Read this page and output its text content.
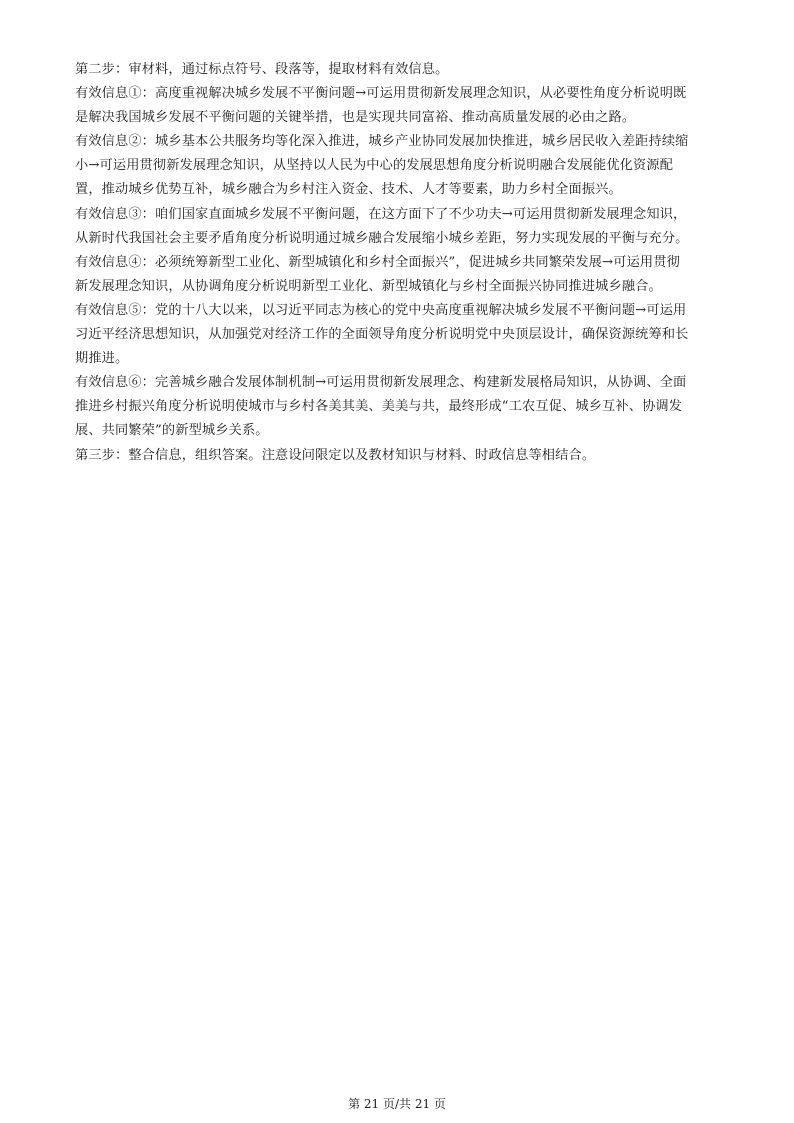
第二步：审材料，通过标点符号、段落等，提取材料有效信息。
有效信息①：高度重视解决城乡发展不平衡问题→可运用贯彻新发展理念知识，从必要性角度分析说明既
是解决我国城乡发展不平衡问题的关键举措，也是实现共同富裕、推动高质量发展的必由之路。
有效信息②：城乡基本公共服务均等化深入推进，城乡产业协同发展加快推进，城乡居民收入差距持续缩
小→可运用贯彻新发展理念知识，从坚持以人民为中心的发展思想角度分析说明融合发展能优化资源配
置，推动城乡优势互补，城乡融合为乡村注入资金、技术、人才等要素，助力乡村全面振兴。
有效信息③：咱们国家直面城乡发展不平衡问题，在这方面下了不少功夫→可运用贯彻新发展理念知识，
从新时代我国社会主要矛盾角度分析说明通过城乡融合发展缩小城乡差距，努力实现发展的平衡与充分。
有效信息④：必须统筹新型工业化、新型城镇化和乡村全面振兴”，促进城乡共同繁荣发展→可运用贯彻
新发展理念知识，从协调角度分析说明新型工业化、新型城镇化与乡村全面振兴协同推进城乡融合。
有效信息⑤：党的十八大以来，以习近平同志为核心的党中央高度重视解决城乡发展不平衡问题→可运用
习近平经济思想知识，从加强党对经济工作的全面领导角度分析说明党中央顶层设计，确保资源统筹和长
期推进。
有效信息⑥：完善城乡融合发展体制机制→可运用贯彻新发展理念、构建新发展格局知识，从协调、全面
推进乡村振兴角度分析说明使城市与乡村各美其美、美美与共，最终形成“工农互促、城乡互补、协调发
展、共同繁荣”的新型城乡关系。
第三步：整合信息，组织答案。注意设问限定以及教材知识与材料、时政信息等相结合。
第 21 页/共 21 页
